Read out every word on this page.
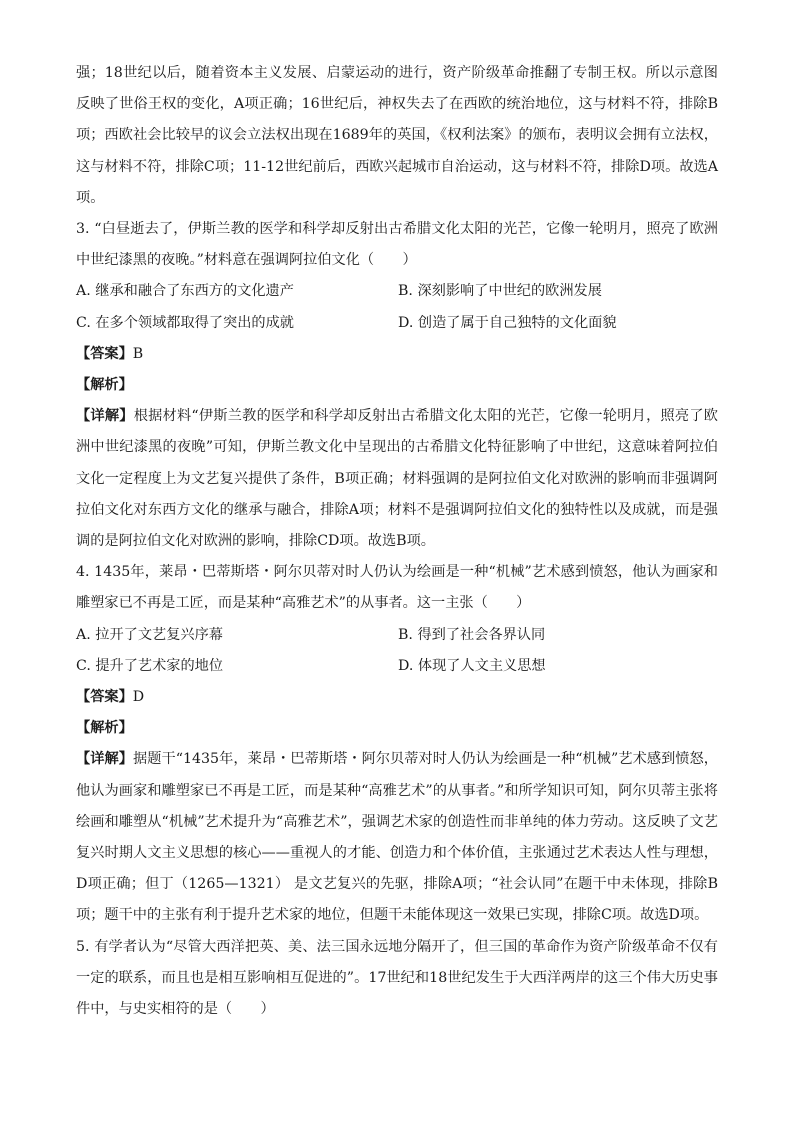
强；18世纪以后，随着资本主义发展、启蒙运动的进行，资产阶级革命推翻了专制王权。所以示意图反映了世俗王权的变化，A项正确；16世纪后，神权失去了在西欧的统治地位，这与材料不符，排除B项；西欧社会比较早的议会立法权出现在1689年的英国，《权利法案》的颁布，表明议会拥有立法权，这与材料不符，排除C项；11-12世纪前后，西欧兴起城市自治运动，这与材料不符，排除D项。故选A项。

3. “白昼逝去了，伊斯兰教的医学和科学却反射出古希腊文化太阳的光芒，它像一轮明月，照亮了欧洲中世纪漆黑的夜晚。”材料意在强调阿拉伯文化（　　）

A. 继承和融合了东西方的文化遗产	B. 深刻影响了中世纪的欧洲发展
C. 在多个领域都取得了突出的成就	D. 创造了属于自己独特的文化面貌
【答案】B
【解析】

【详解】根据材料“伊斯兰教的医学和科学却反射出古希腊文化太阳的光芒，它像一轮明月，照亮了欧洲中世纪漆黑的夜晚”可知，伊斯兰教文化中呈现出的古希腊文化特征影响了中世纪，这意味着阿拉伯文化一定程度上为文艺复兴提供了条件，B项正确；材料强调的是阿拉伯文化对欧洲的影响而非强调阿拉伯文化对东西方文化的继承与融合，排除A项；材料不是强调阿拉伯文化的独特性以及成就，而是强调的是阿拉伯文化对欧洲的影响，排除CD项。故选B项。

4. 1435年，莱昂・巴蒂斯塔・阿尔贝蒂对时人仍认为绘画是一种“机械”艺术感到愤怒，他认为画家和雕塑家已不再是工匠，而是某种“高雅艺术”的从事者。这一主张（　　）

A. 拉开了文艺复兴序幕	B. 得到了社会各界认同
C. 提升了艺术家的地位	D. 体现了人文主义思想
【答案】D
【解析】

【详解】据题干“1435年，莱昂・巴蒂斯塔・阿尔贝蒂对时人仍认为绘画是一种“机械”艺术感到愤怒，他认为画家和雕塑家已不再是工匠，而是某种“高雅艺术”的从事者。”和所学知识可知，阿尔贝蒂主张将绘画和雕塑从“机械”艺术提升为“高雅艺术”，强调艺术家的创造性而非单纯的体力劳动。这反映了文艺复兴时期人文主义思想的核心——重视人的才能、创造力和个体价值，主张通过艺术表达人性与理想，D项正确；但丁（1265—1321） 是文艺复兴的先驱，排除A项；“社会认同”在题干中未体现，排除B项；题干中的主张有利于提升艺术家的地位，但题干未能体现这一效果已实现，排除C项。故选D项。

5. 有学者认为“尽管大西洋把英、美、法三国永远地分隔开了，但三国的革命作为资产阶级革命不仅有一定的联系，而且也是相互影响相互促进的”。17世纪和18世纪发生于大西洋两岸的这三个伟大历史事件中，与史实相符的是（　　）
